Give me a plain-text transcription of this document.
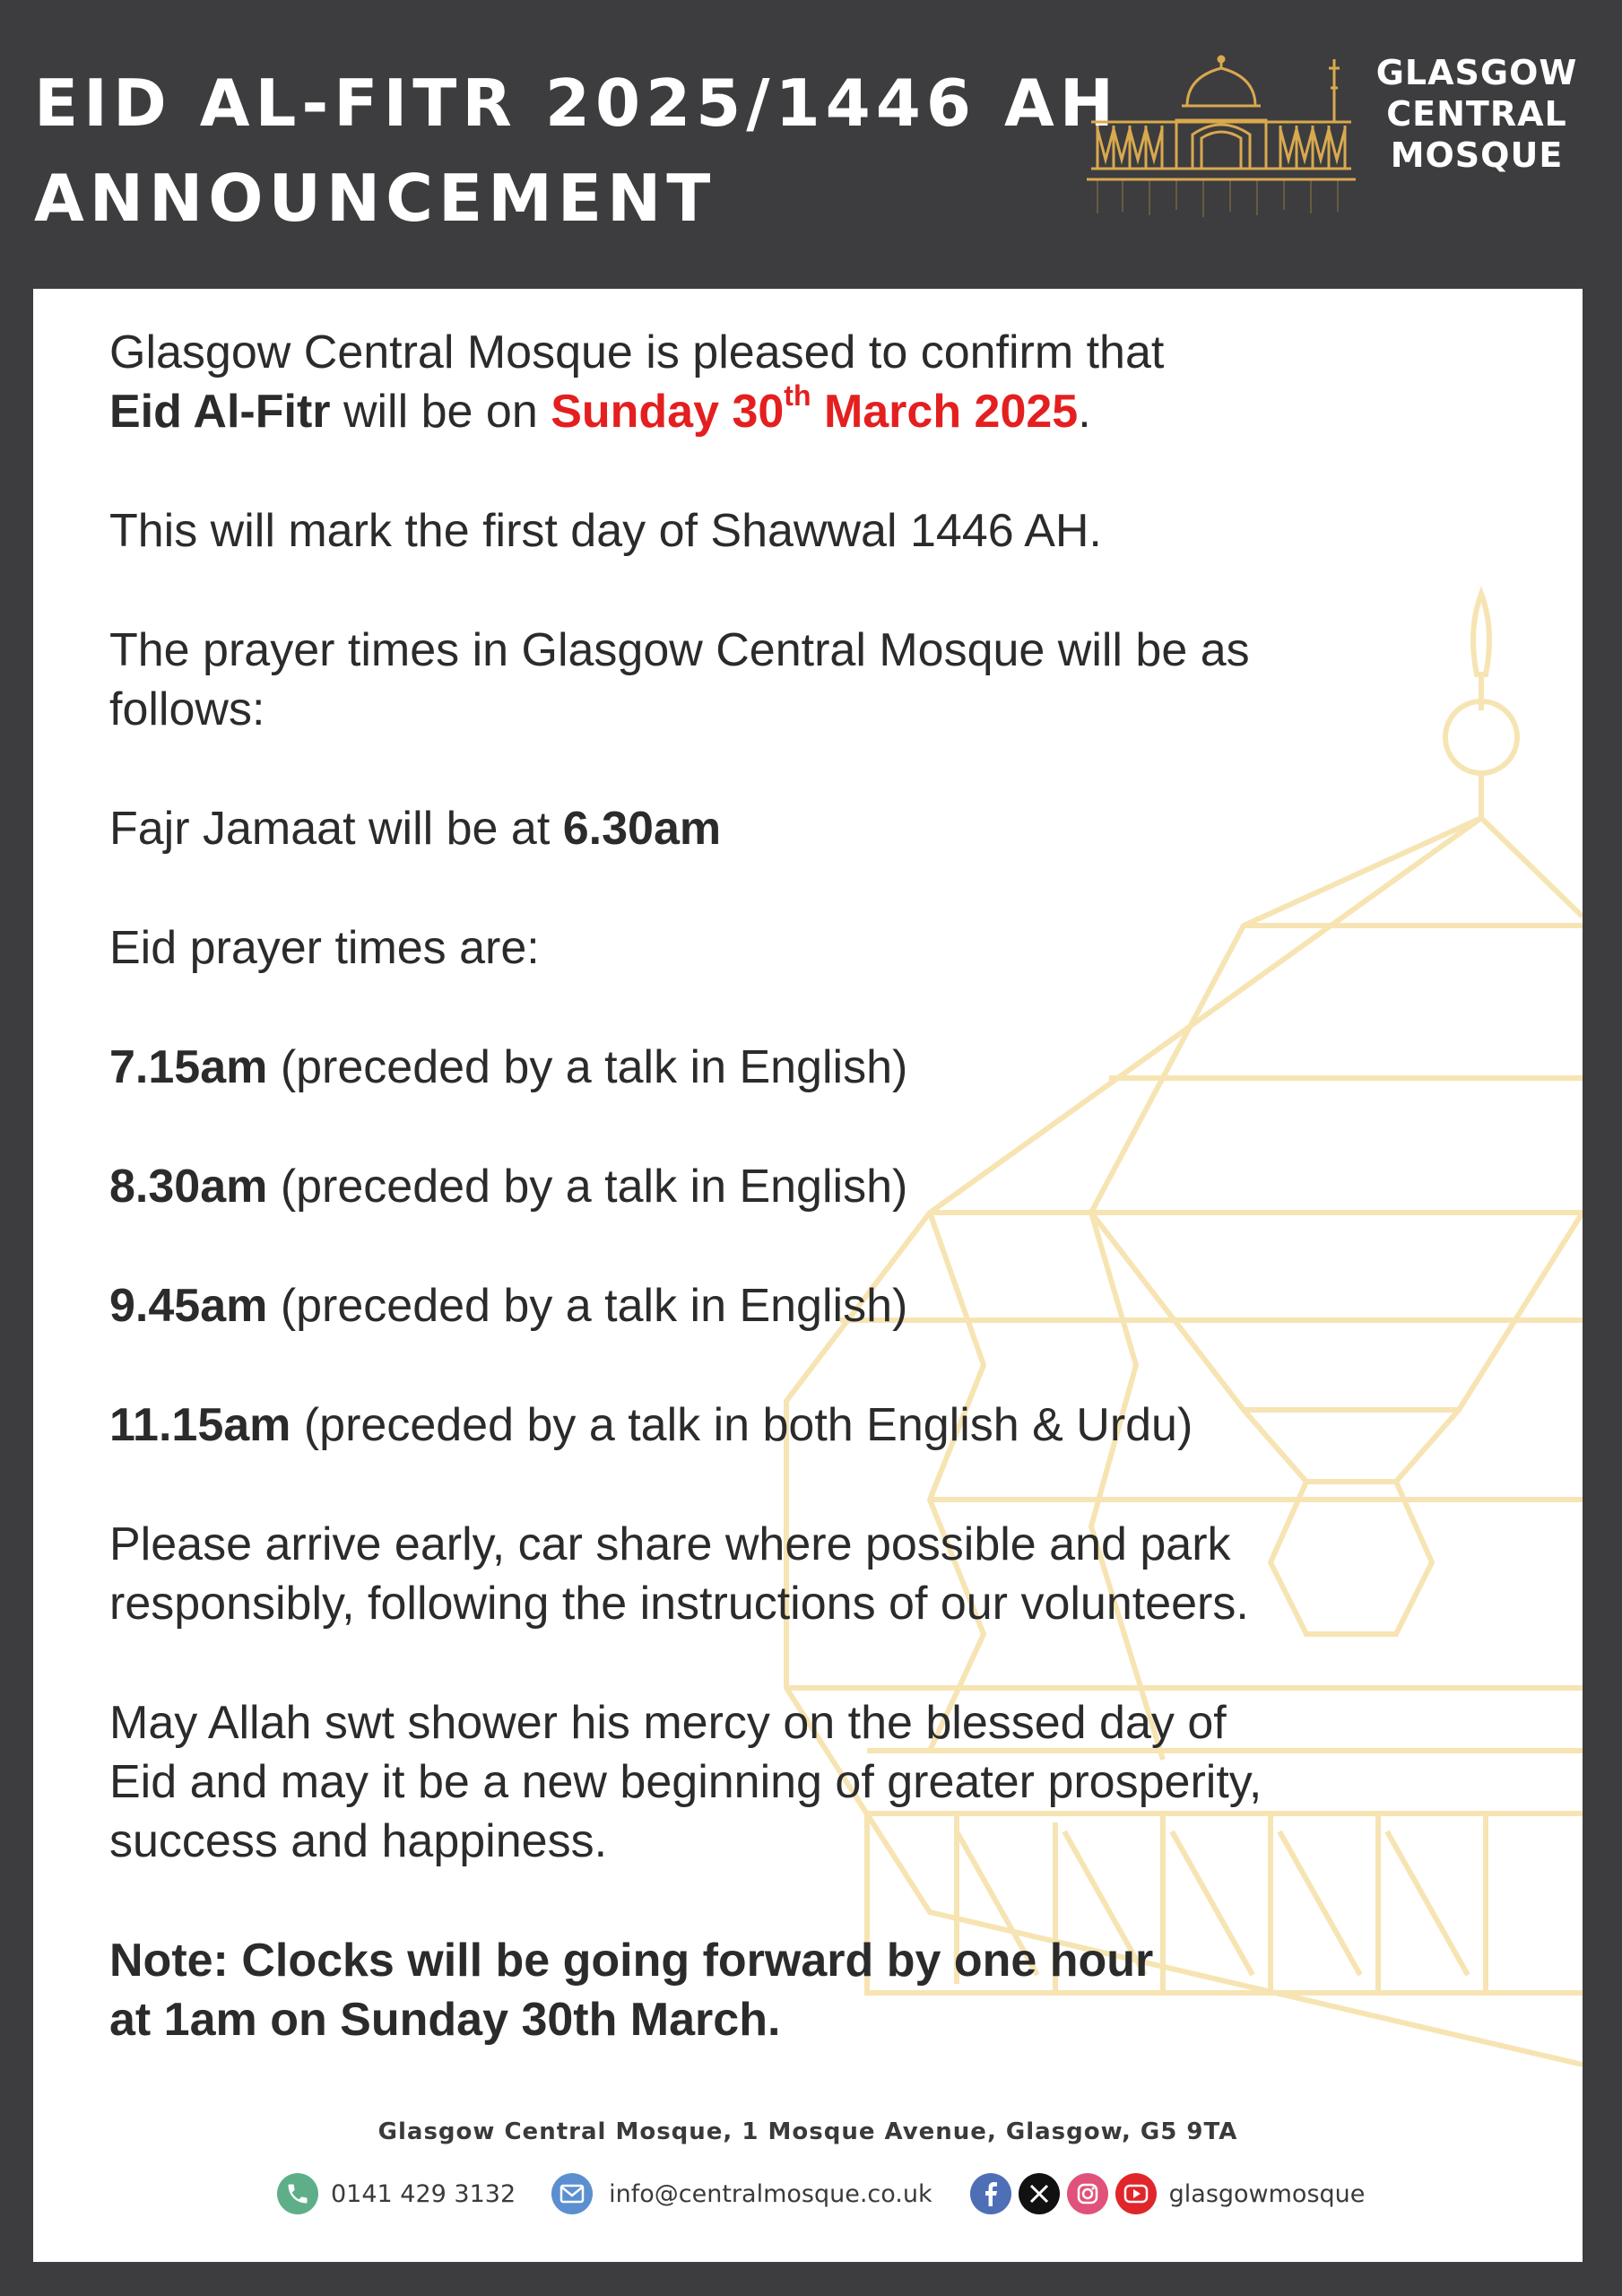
EID AL-FITR 2025/1446 AH
ANNOUNCEMENT
GLASGOW
CENTRAL
MOSQUE

Glasgow Central Mosque is pleased to confirm that
Eid Al-Fitr will be on Sunday 30th March 2025.

This will mark the first day of Shawwal 1446 AH.

The prayer times in Glasgow Central Mosque will be as follows:

Fajr Jamaat will be at 6.30am

Eid prayer times are:

7.15am (preceded by a talk in English)

8.30am (preceded by a talk in English)

9.45am (preceded by a talk in English)

11.15am (preceded by a talk in both English & Urdu)

Please arrive early, car share where possible and park
responsibly, following the instructions of our volunteers.

May Allah swt shower his mercy on the blessed day of
Eid and may it be a new beginning of greater prosperity,
success and happiness.

Note: Clocks will be going forward by one hour
at 1am on Sunday 30th March.

Glasgow Central Mosque, 1 Mosque Avenue, Glasgow, G5 9TA
0141 429 3132	info@centralmosque.co.uk	glasgowmosque
